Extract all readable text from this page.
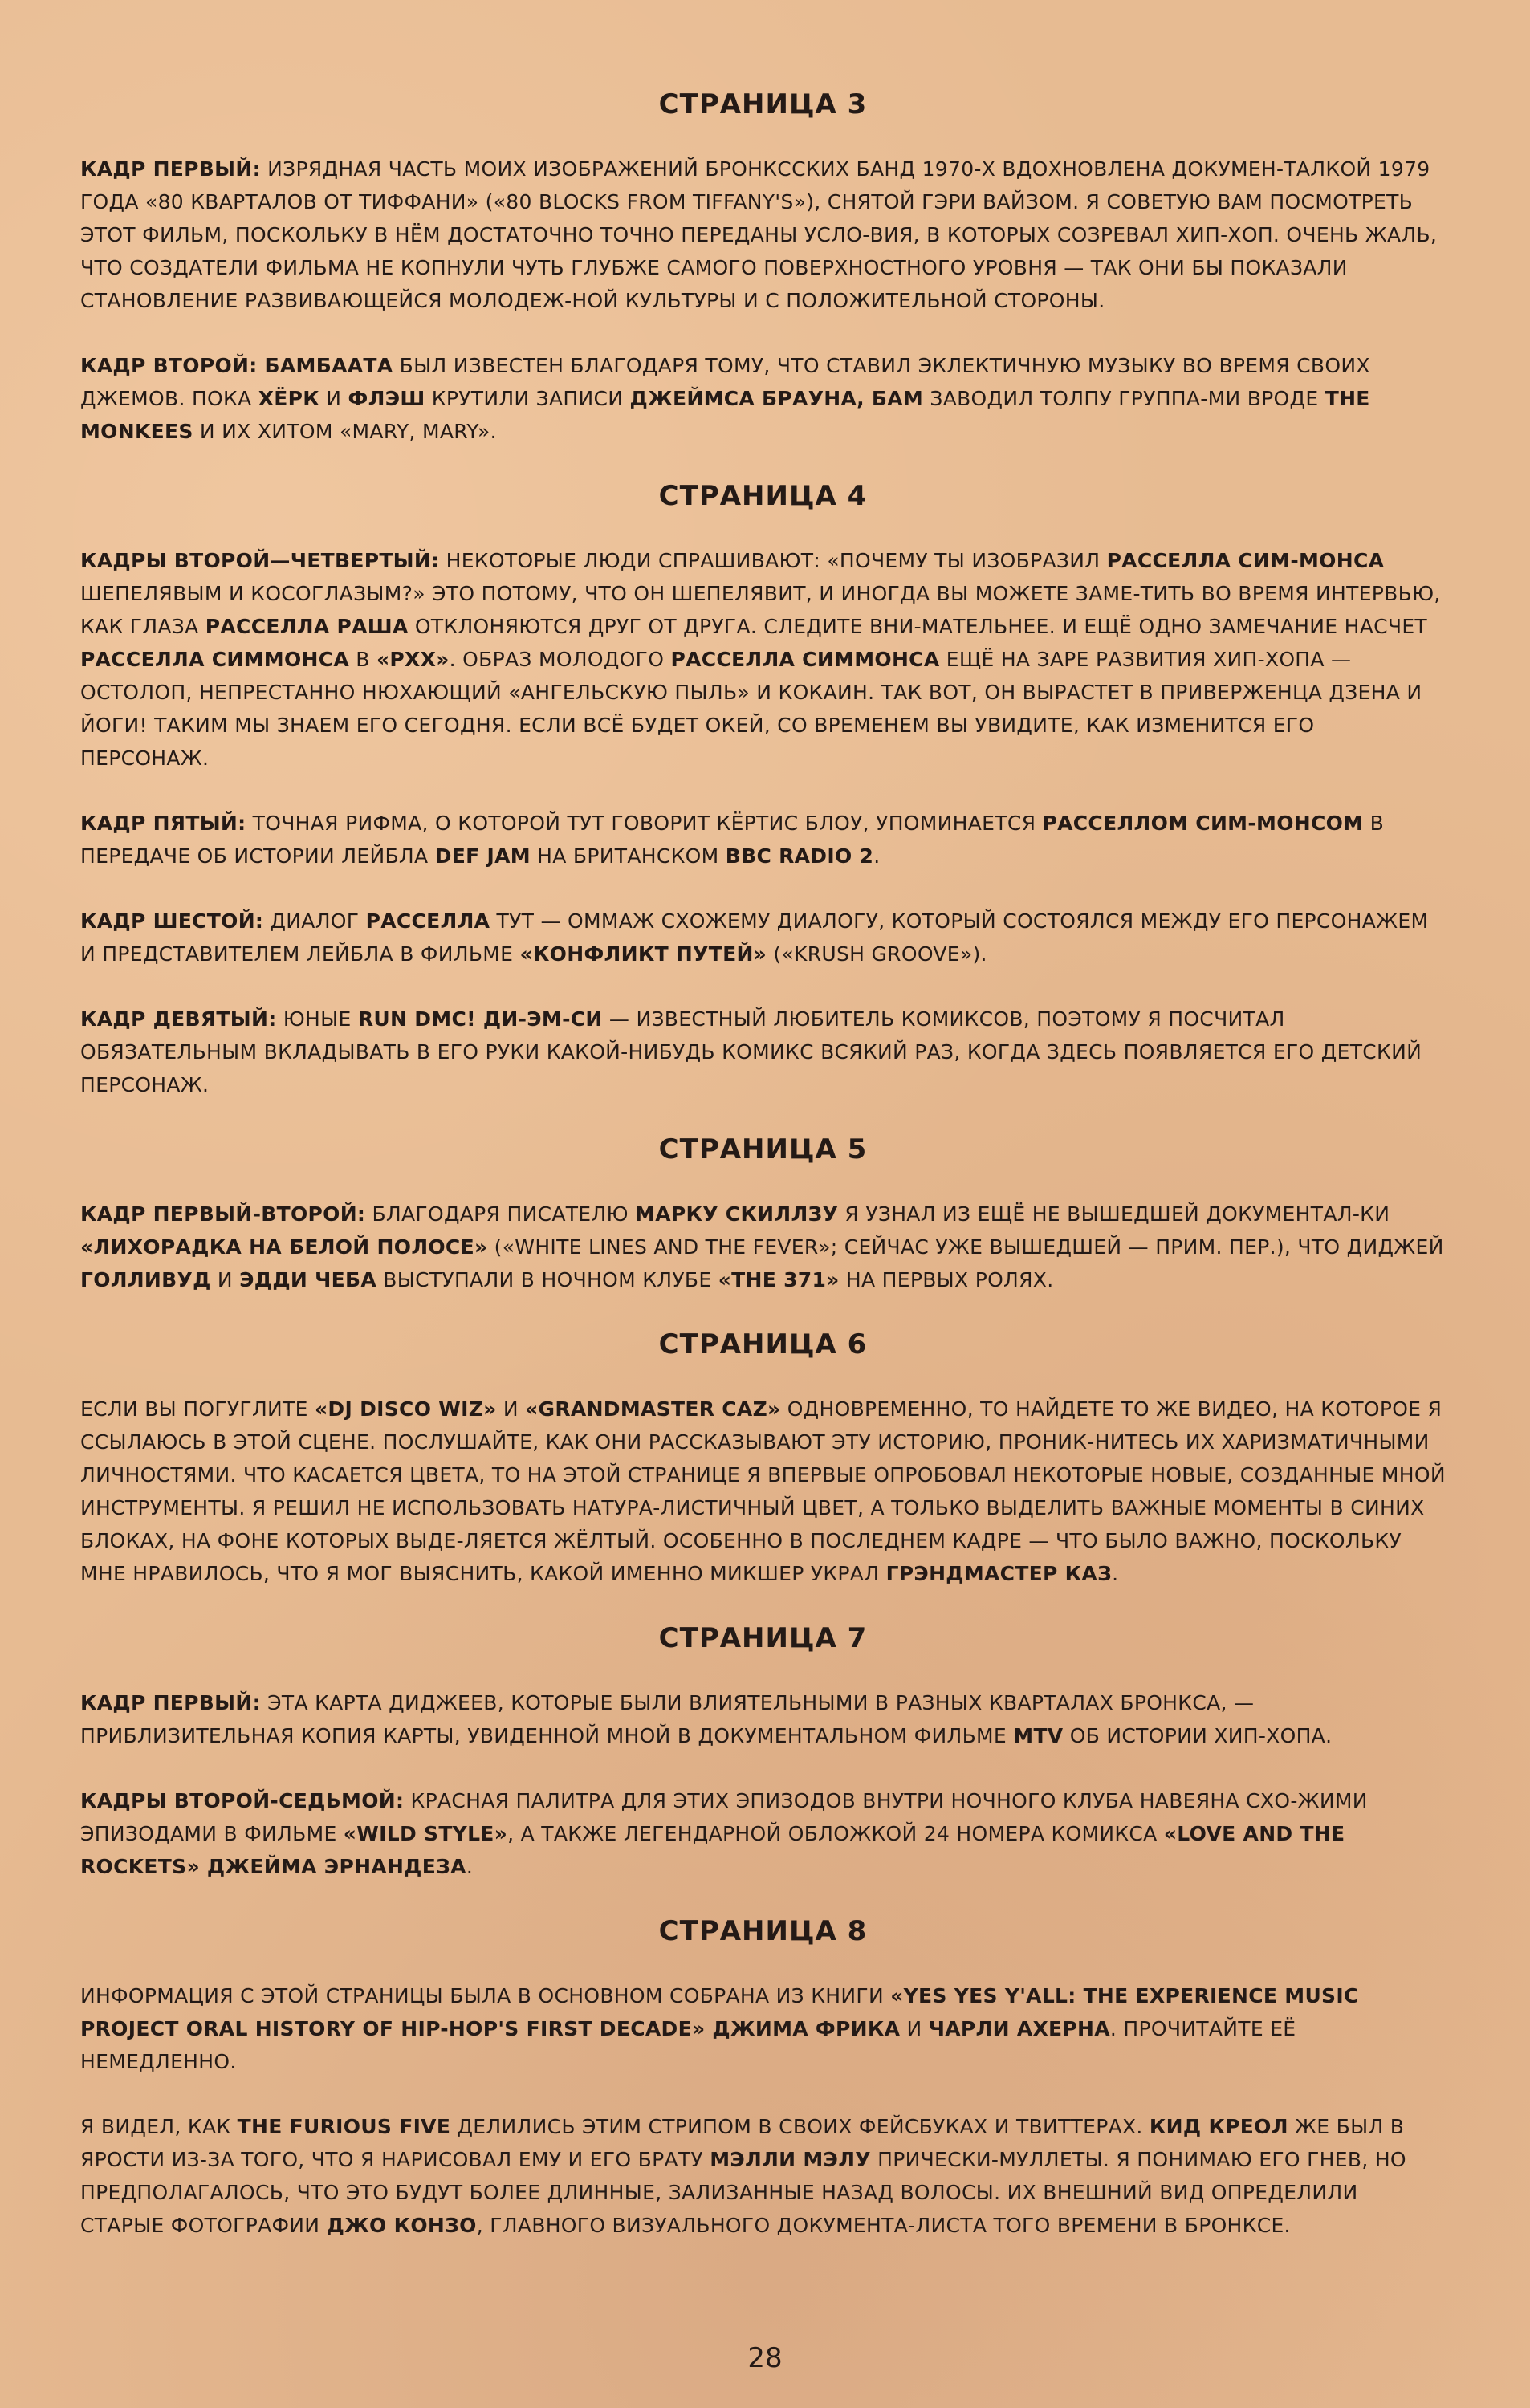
СТРАНИЦА 3

КАДР ПЕРВЫЙ: ИЗРЯДНАЯ ЧАСТЬ МОИХ ИЗОБРАЖЕНИЙ БРОНКССКИХ БАНД 1970-Х ВДОХНОВЛЕНА ДОКУМЕН-ТАЛКОЙ 1979 ГОДА «80 КВАРТАЛОВ ОТ ТИФФАНИ» («80 BLOCKS FROM TIFFANY'S»), СНЯТОЙ ГЭРИ ВАЙЗОМ. Я СОВЕТУЮ ВАМ ПОСМОТРЕТЬ ЭТОТ ФИЛЬМ, ПОСКОЛЬКУ В НЁМ ДОСТАТОЧНО ТОЧНО ПЕРЕДАНЫ УСЛО-ВИЯ, В КОТОРЫХ СОЗРЕВАЛ ХИП-ХОП. ОЧЕНЬ ЖАЛЬ, ЧТО СОЗДАТЕЛИ ФИЛЬМА НЕ КОПНУЛИ ЧУТЬ ГЛУБЖЕ САМОГО ПОВЕРХНОСТНОГО УРОВНЯ — ТАК ОНИ БЫ ПОКАЗАЛИ СТАНОВЛЕНИЕ РАЗВИВАЮЩЕЙСЯ МОЛОДЕЖ-НОЙ КУЛЬТУРЫ И С ПОЛОЖИТЕЛЬНОЙ СТОРОНЫ.

КАДР ВТОРОЙ: БАМБААТА БЫЛ ИЗВЕСТЕН БЛАГОДАРЯ ТОМУ, ЧТО СТАВИЛ ЭКЛЕКТИЧНУЮ МУЗЫКУ ВО ВРЕМЯ СВОИХ ДЖЕМОВ. ПОКА ХЁРК И ФЛЭШ КРУТИЛИ ЗАПИСИ ДЖЕЙМСА БРАУНА, БАМ ЗАВОДИЛ ТОЛПУ ГРУППА-МИ ВРОДЕ THE MONKEES И ИХ ХИТОМ «MARY, MARY».

СТРАНИЦА 4

КАДРЫ ВТОРОЙ—ЧЕТВЕРТЫЙ: НЕКОТОРЫЕ ЛЮДИ СПРАШИВАЮТ: «ПОЧЕМУ ТЫ ИЗОБРАЗИЛ РАССЕЛЛА СИМ-МОНСА ШЕПЕЛЯВЫМ И КОСОГЛАЗЫМ?» ЭТО ПОТОМУ, ЧТО ОН ШЕПЕЛЯВИТ, И ИНОГДА ВЫ МОЖЕТЕ ЗАМЕ-ТИТЬ ВО ВРЕМЯ ИНТЕРВЬЮ, КАК ГЛАЗА РАССЕЛЛА РАША ОТКЛОНЯЮТСЯ ДРУГ ОТ ДРУГА. СЛЕДИТЕ ВНИ-МАТЕЛЬНЕЕ. И ЕЩЁ ОДНО ЗАМЕЧАНИЕ НАСЧЕТ РАССЕЛЛА СИММОНСА В «РХХ». ОБРАЗ МОЛОДОГО РАССЕЛЛА СИММОНСА ЕЩЁ НА ЗАРЕ РАЗВИТИЯ ХИП-ХОПА — ОСТОЛОП, НЕПРЕСТАННО НЮХАЮЩИЙ «АНГЕЛЬСКУЮ ПЫЛЬ» И КОКАИН. ТАК ВОТ, ОН ВЫРАСТЕТ В ПРИВЕРЖЕНЦА ДЗЕНА И ЙОГИ! ТАКИМ МЫ ЗНАЕМ ЕГО СЕГОДНЯ. ЕСЛИ ВСЁ БУДЕТ ОКЕЙ, СО ВРЕМЕНЕМ ВЫ УВИДИТЕ, КАК ИЗМЕНИТСЯ ЕГО ПЕРСОНАЖ.

КАДР ПЯТЫЙ: ТОЧНАЯ РИФМА, О КОТОРОЙ ТУТ ГОВОРИТ КЁРТИС БЛОУ, УПОМИНАЕТСЯ РАССЕЛЛОМ СИМ-МОНСОМ В ПЕРЕДАЧЕ ОБ ИСТОРИИ ЛЕЙБЛА DEF JAM НА БРИТАНСКОМ BBC RADIO 2.

КАДР ШЕСТОЙ: ДИАЛОГ РАССЕЛЛА ТУТ — ОММАЖ СХОЖЕМУ ДИАЛОГУ, КОТОРЫЙ СОСТОЯЛСЯ МЕЖДУ ЕГО ПЕРСОНАЖЕМ И ПРЕДСТАВИТЕЛЕМ ЛЕЙБЛА В ФИЛЬМЕ «КОНФЛИКТ ПУТЕЙ» («KRUSH GROOVE»).

КАДР ДЕВЯТЫЙ: ЮНЫЕ RUN DMC! ДИ-ЭМ-СИ — ИЗВЕСТНЫЙ ЛЮБИТЕЛЬ КОМИКСОВ, ПОЭТОМУ Я ПОСЧИТАЛ ОБЯЗАТЕЛЬНЫМ ВКЛАДЫВАТЬ В ЕГО РУКИ КАКОЙ-НИБУДЬ КОМИКС ВСЯКИЙ РАЗ, КОГДА ЗДЕСЬ ПОЯВЛЯЕТСЯ ЕГО ДЕТСКИЙ ПЕРСОНАЖ.

СТРАНИЦА 5

КАДР ПЕРВЫЙ-ВТОРОЙ: БЛАГОДАРЯ ПИСАТЕЛЮ МАРКУ СКИЛЛЗУ Я УЗНАЛ ИЗ ЕЩЁ НЕ ВЫШЕДШЕЙ ДОКУМЕНТАЛ-КИ «ЛИХОРАДКА НА БЕЛОЙ ПОЛОСЕ» («WHITE LINES AND THE FEVER»; СЕЙЧАС УЖЕ ВЫШЕДШЕЙ — ПРИМ. ПЕР.), ЧТО ДИДЖЕЙ ГОЛЛИВУД И ЭДДИ ЧЕБА ВЫСТУПАЛИ В НОЧНОМ КЛУБЕ «THE 371» НА ПЕРВЫХ РОЛЯХ.

СТРАНИЦА 6

ЕСЛИ ВЫ ПОГУГЛИТЕ «DJ DISCO WIZ» И «GRANDMASTER CAZ» ОДНОВРЕМЕННО, ТО НАЙДЕТЕ ТО ЖЕ ВИДЕО, НА КОТОРОЕ Я ССЫЛАЮСЬ В ЭТОЙ СЦЕНЕ. ПОСЛУШАЙТЕ, КАК ОНИ РАССКАЗЫВАЮТ ЭТУ ИСТОРИЮ, ПРОНИК-НИТЕСЬ ИХ ХАРИЗМАТИЧНЫМИ ЛИЧНОСТЯМИ. ЧТО КАСАЕТСЯ ЦВЕТА, ТО НА ЭТОЙ СТРАНИЦЕ Я ВПЕРВЫЕ ОПРОБОВАЛ НЕКОТОРЫЕ НОВЫЕ, СОЗДАННЫЕ МНОЙ ИНСТРУМЕНТЫ. Я РЕШИЛ НЕ ИСПОЛЬЗОВАТЬ НАТУРА-ЛИСТИЧНЫЙ ЦВЕТ, А ТОЛЬКО ВЫДЕЛИТЬ ВАЖНЫЕ МОМЕНТЫ В СИНИХ БЛОКАХ, НА ФОНЕ КОТОРЫХ ВЫДЕ-ЛЯЕТСЯ ЖЁЛТЫЙ. ОСОБЕННО В ПОСЛЕДНЕМ КАДРЕ — ЧТО БЫЛО ВАЖНО, ПОСКОЛЬКУ МНЕ НРАВИЛОСЬ, ЧТО Я МОГ ВЫЯСНИТЬ, КАКОЙ ИМЕННО МИКШЕР УКРАЛ ГРЭНДМАСТЕР КАЗ.

СТРАНИЦА 7

КАДР ПЕРВЫЙ: ЭТА КАРТА ДИДЖЕЕВ, КОТОРЫЕ БЫЛИ ВЛИЯТЕЛЬНЫМИ В РАЗНЫХ КВАРТАЛАХ БРОНКСА, — ПРИБЛИЗИТЕЛЬНАЯ КОПИЯ КАРТЫ, УВИДЕННОЙ МНОЙ В ДОКУМЕНТАЛЬНОМ ФИЛЬМЕ MTV ОБ ИСТОРИИ ХИП-ХОПА.

КАДРЫ ВТОРОЙ-СЕДЬМОЙ: КРАСНАЯ ПАЛИТРА ДЛЯ ЭТИХ ЭПИЗОДОВ ВНУТРИ НОЧНОГО КЛУБА НАВЕЯНА СХО-ЖИМИ ЭПИЗОДАМИ В ФИЛЬМЕ «WILD STYLE», А ТАКЖЕ ЛЕГЕНДАРНОЙ ОБЛОЖКОЙ 24 НОМЕРА КОМИКСА «LOVE AND THE ROCKETS» ДЖЕЙМА ЭРНАНДЕЗА.

СТРАНИЦА 8

ИНФОРМАЦИЯ С ЭТОЙ СТРАНИЦЫ БЫЛА В ОСНОВНОМ СОБРАНА ИЗ КНИГИ «YES YES Y'ALL: THE EXPERIENCE MUSIC PROJECT ORAL HISTORY OF HIP-HOP'S FIRST DECADE» ДЖИМА ФРИКА И ЧАРЛИ АХЕРНА. ПРОЧИТАЙТЕ ЕЁ НЕМЕДЛЕННО.

Я ВИДЕЛ, КАК THE FURIOUS FIVE ДЕЛИЛИСЬ ЭТИМ СТРИПОМ В СВОИХ ФЕЙСБУКАХ И ТВИТТЕРАХ. КИД КРЕОЛ ЖЕ БЫЛ В ЯРОСТИ ИЗ-ЗА ТОГО, ЧТО Я НАРИСОВАЛ ЕМУ И ЕГО БРАТУ МЭЛЛИ МЭЛУ ПРИЧЕСКИ-МУЛЛЕТЫ. Я ПОНИМАЮ ЕГО ГНЕВ, НО ПРЕДПОЛАГАЛОСЬ, ЧТО ЭТО БУДУТ БОЛЕЕ ДЛИННЫЕ, ЗАЛИЗАННЫЕ НАЗАД ВОЛОСЫ. ИХ ВНЕШНИЙ ВИД ОПРЕДЕЛИЛИ СТАРЫЕ ФОТОГРАФИИ ДЖО КОНЗО, ГЛАВНОГО ВИЗУАЛЬНОГО ДОКУМЕНТА-ЛИСТА ТОГО ВРЕМЕНИ В БРОНКСЕ.

28
